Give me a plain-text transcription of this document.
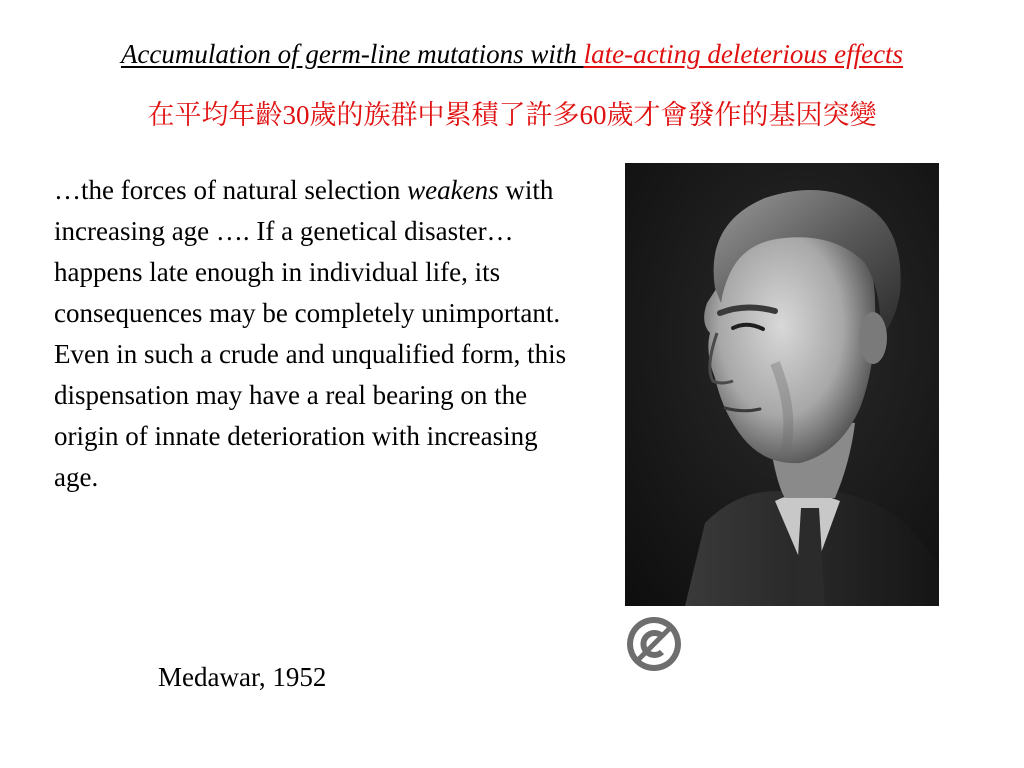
Accumulation of germ-line mutations with late-acting deleterious effects
在平均年齡30歲的族群中累積了許多60歲才會發作的基因突變
…the forces of natural selection weakens with increasing age …. If a genetical disaster… happens late enough in individual life, its consequences may be completely unimportant. Even in such a crude and unqualified form, this dispensation may have a real bearing on the origin of innate deterioration with increasing age.
Medawar, 1952
